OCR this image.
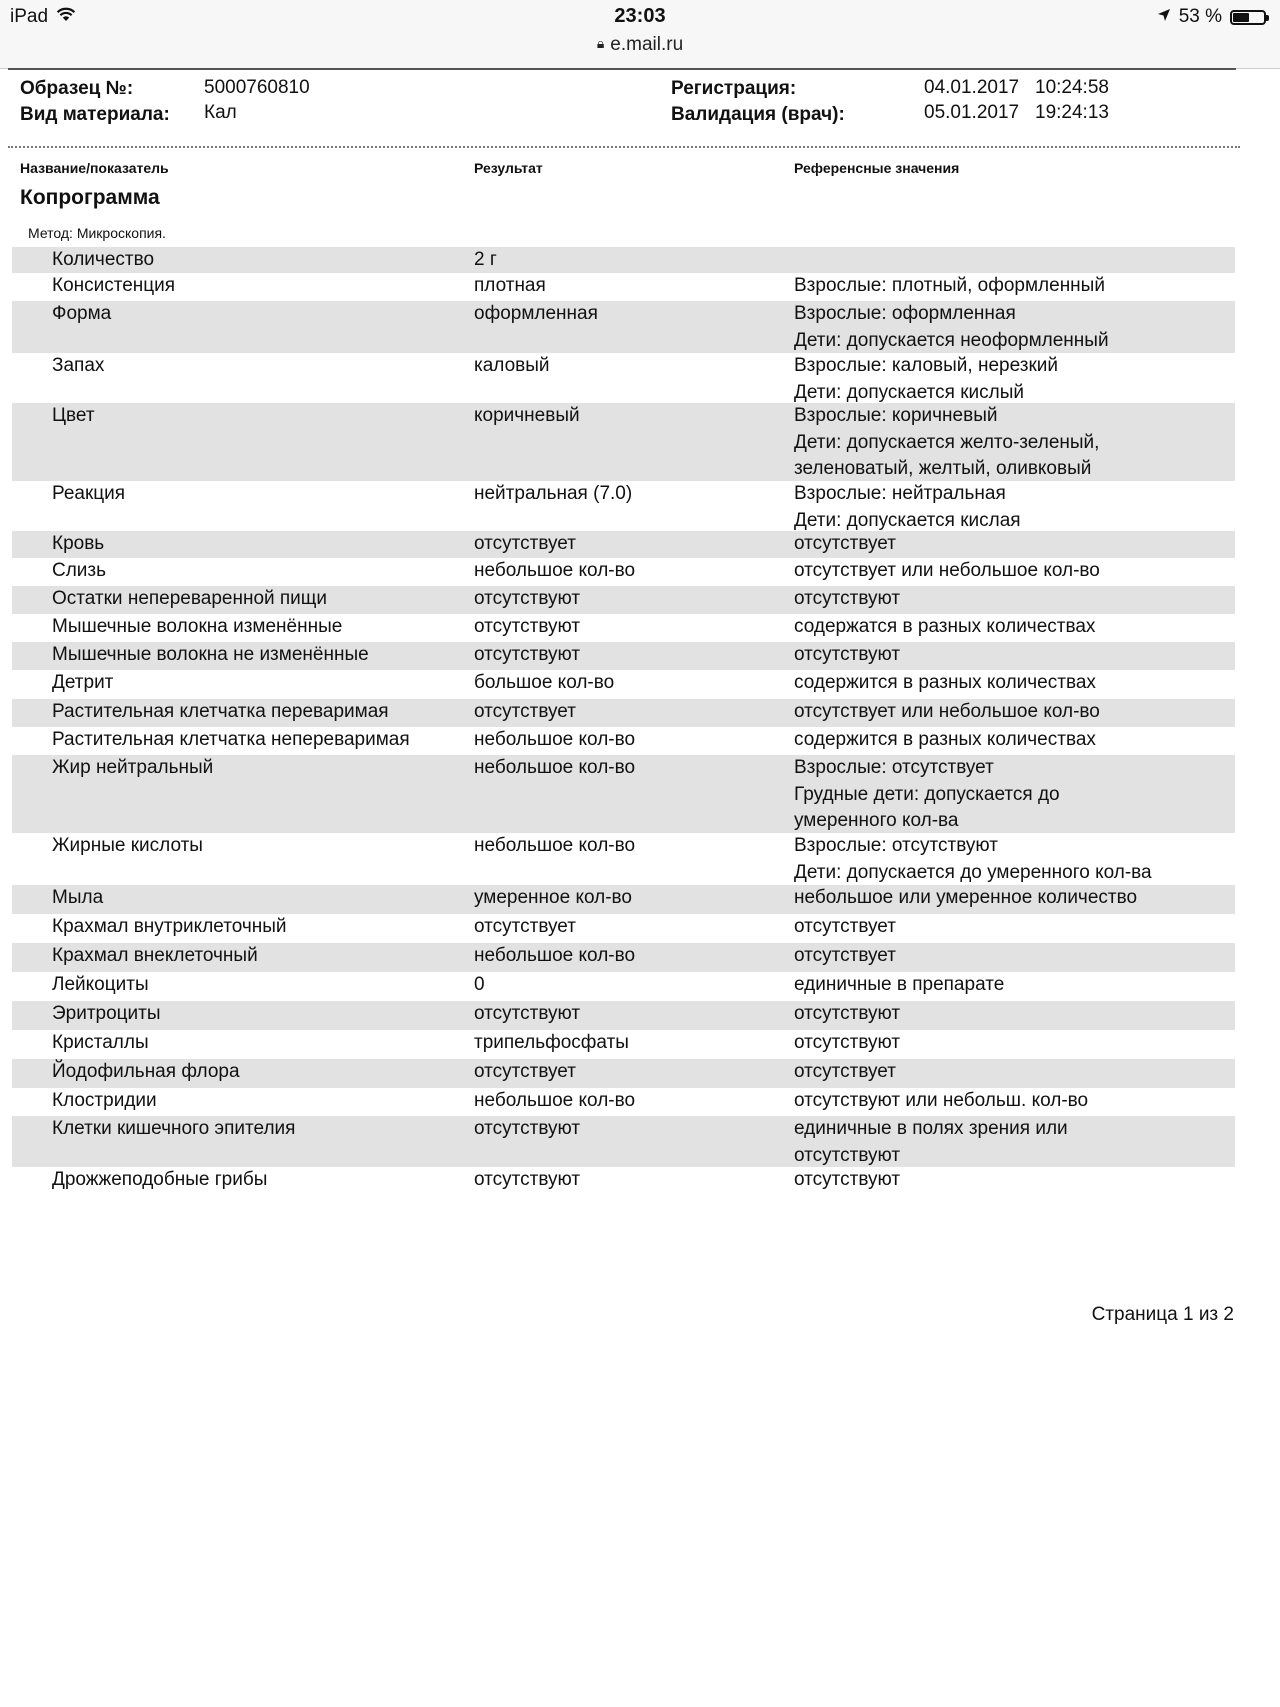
iPad	23:03	53 %
🔒︎ e.mail.ru
Образец №:	5000760810
Вид материала: Кал
Регистрация:	04.01.2017 10:24:58
Валидация (врач):	05.01.2017 19:24:13
Название/показатель	Результат	Референсные значения
Копрограмма
Метод: Микроскопия.
Количество	2 г
Консистенция	плотная	Взрослые: плотный, оформленный
Форма	оформленная	Взрослые: оформленная
Дети: допускается неоформленный
Запах	каловый	Взрослые: каловый, нерезкий
Дети: допускается кислый
Цвет	коричневый	Взрослые: коричневый
Дети: допускается желто-зеленый,
зеленоватый, желтый, оливковый
Реакция	нейтральная (7.0)	Взрослые: нейтральная
Дети: допускается кислая
Кровь	отсутствует	отсутствует
Слизь	небольшое кол-во	отсутствует или небольшое кол-во
Остатки непереваренной пищи	отсутствуют	отсутствуют
Мышечные волокна изменённые	отсутствуют	содержатся в разных количествах
Мышечные волокна не изменённые	отсутствуют	отсутствуют
Детрит	большое кол-во	содержится в разных количествах
Растительная клетчатка переваримая	отсутствует	отсутствует или небольшое кол-во
Растительная клетчатка непереваримая	небольшое кол-во	содержится в разных количествах
Жир нейтральный	небольшое кол-во	Взрослые: отсутствует
Грудные дети: допускается до
умеренного кол-ва
Жирные кислоты	небольшое кол-во	Взрослые: отсутствуют
Дети: допускается до умеренного кол-ва
Мыла	умеренное кол-во	небольшое или умеренное количество
Крахмал внутриклеточный	отсутствует	отсутствует
Крахмал внеклеточный	небольшое кол-во	отсутствует
Лейкоциты	0	единичные в препарате
Эритроциты	отсутствуют	отсутствуют
Кристаллы	трипельфосфаты	отсутствуют
Йодофильная флора	отсутствует	отсутствует
Клостридии	небольшое кол-во	отсутствуют или небольш. кол-во
Клетки кишечного эпителия	отсутствуют	единичные в полях зрения или
отсутствуют
Дрожжеподобные грибы	отсутствуют	отсутствуют
Страница 1 из 2
